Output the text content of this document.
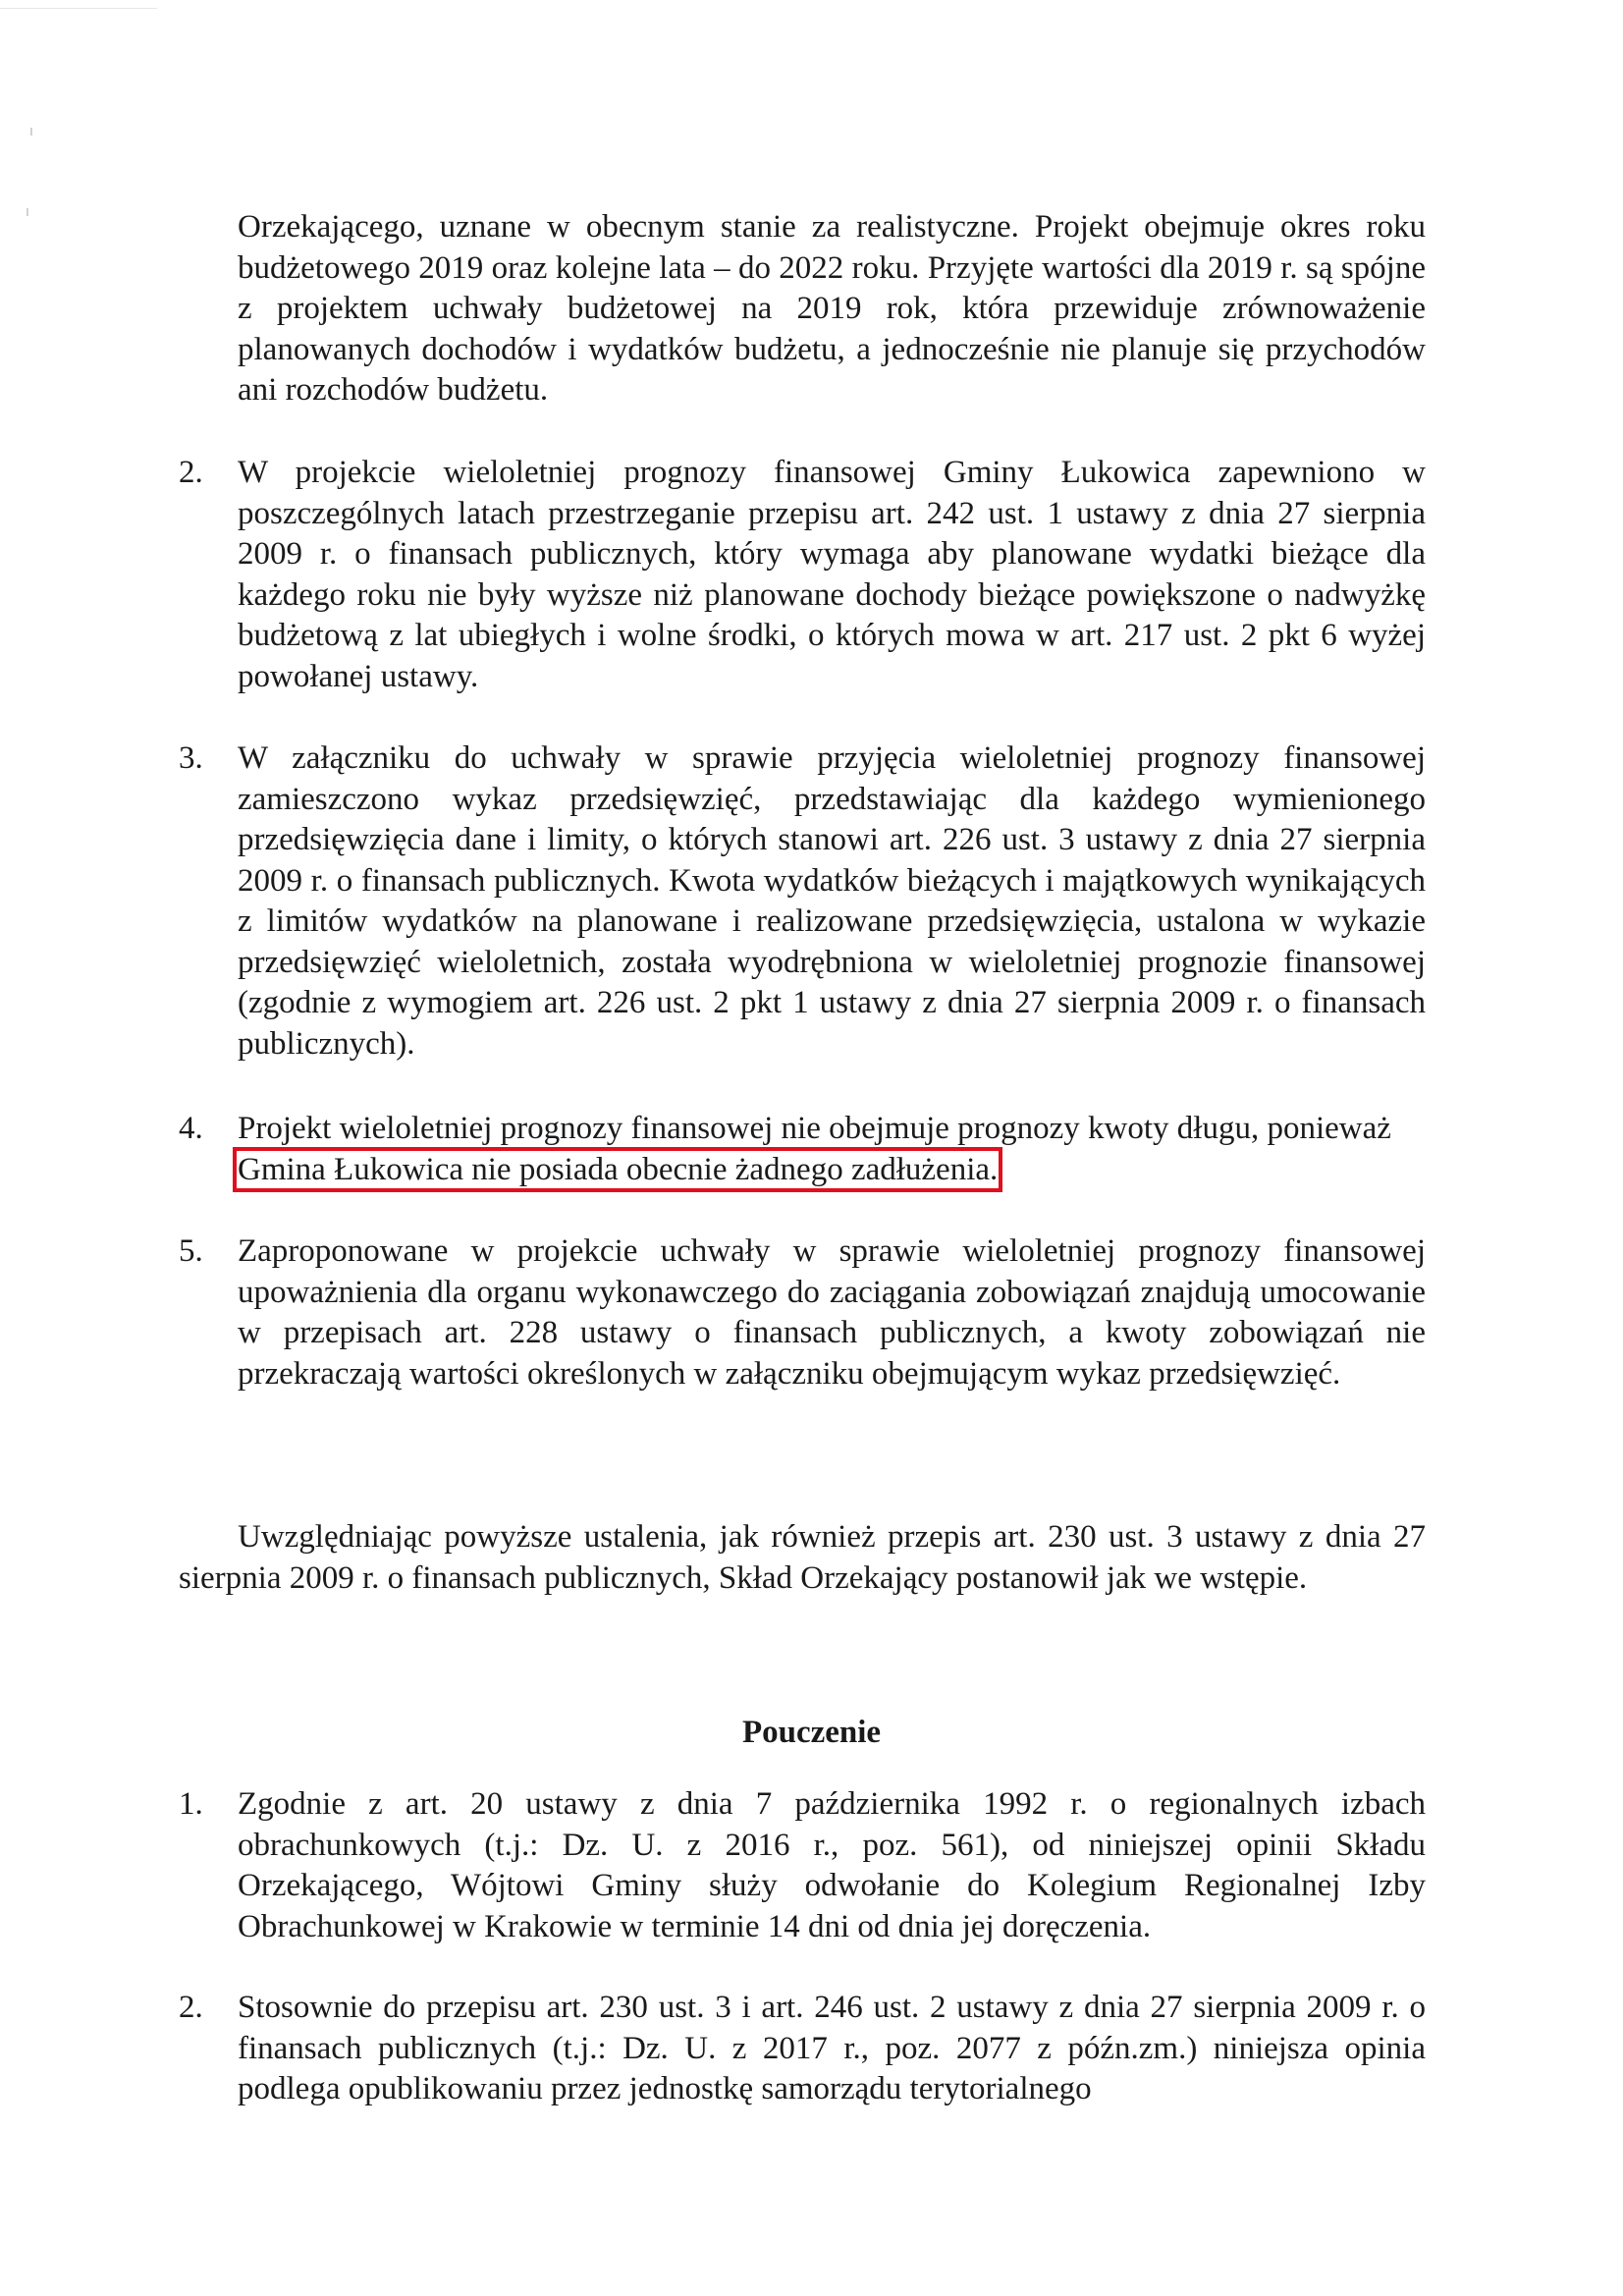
ı
ı	Orzekającego, uznane w obecnym stanie za realistyczne. Projekt obejmuje okres roku budżetowego 2019 oraz kolejne lata – do 2022 roku. Przyjęte wartości dla 2019 r. są spójne z projektem uchwały budżetowej na 2019 rok, która przewiduje zrównoważenie planowanych dochodów i wydatków budżetu, a jednocześnie nie planuje się przychodów ani rozchodów budżetu.

2. W projekcie wieloletniej prognozy finansowej Gminy Łukowica zapewniono w poszczególnych latach przestrzeganie przepisu art. 242 ust. 1 ustawy z dnia 27 sierpnia 2009 r. o finansach publicznych, który wymaga aby planowane wydatki bieżące dla każdego roku nie były wyższe niż planowane dochody bieżące powiększone o nadwyżkę budżetową z lat ubiegłych i wolne środki, o których mowa w art. 217 ust. 2 pkt 6 wyżej powołanej ustawy.

3. W załączniku do uchwały w sprawie przyjęcia wieloletniej prognozy finansowej zamieszczono wykaz przedsięwzięć, przedstawiając dla każdego wymienionego przedsięwzięcia dane i limity, o których stanowi art. 226 ust. 3 ustawy z dnia 27 sierpnia 2009 r. o finansach publicznych. Kwota wydatków bieżących i majątkowych wynikających z limitów wydatków na planowane i realizowane przedsięwzięcia, ustalona w wykazie przedsięwzięć wieloletnich, została wyodrębniona w wieloletniej prognozie finansowej (zgodnie z wymogiem art. 226 ust. 2 pkt 1 ustawy z dnia 27 sierpnia 2009 r. o finansach publicznych).

4. Projekt wieloletniej prognozy finansowej nie obejmuje prognozy kwoty długu, ponieważ Gmina Łukowica nie posiada obecnie żadnego zadłużenia.

5. Zaproponowane w projekcie uchwały w sprawie wieloletniej prognozy finansowej upoważnienia dla organu wykonawczego do zaciągania zobowiązań znajdują umocowanie w przepisach art. 228 ustawy o finansach publicznych, a kwoty zobowiązań nie przekraczają wartości określonych w załączniku obejmującym wykaz przedsięwzięć.

Uwzględniając powyższe ustalenia, jak również przepis art. 230 ust. 3 ustawy z dnia 27 sierpnia 2009 r. o finansach publicznych, Skład Orzekający postanowił jak we wstępie.

Pouczenie
1. Zgodnie z art. 20 ustawy z dnia 7 października 1992 r. o regionalnych izbach obrachunkowych (t.j.: Dz. U. z 2016 r., poz. 561), od niniejszej opinii Składu Orzekającego, Wójtowi Gminy służy odwołanie do Kolegium Regionalnej Izby Obrachunkowej w Krakowie w terminie 14 dni od dnia jej doręczenia.

2. Stosownie do przepisu art. 230 ust. 3 i art. 246 ust. 2 ustawy z dnia 27 sierpnia 2009 r. o finansach publicznych (t.j.: Dz. U. z 2017 r., poz. 2077 z późn.zm.) niniejsza opinia podlega opublikowaniu przez jednostkę samorządu terytorialnego
